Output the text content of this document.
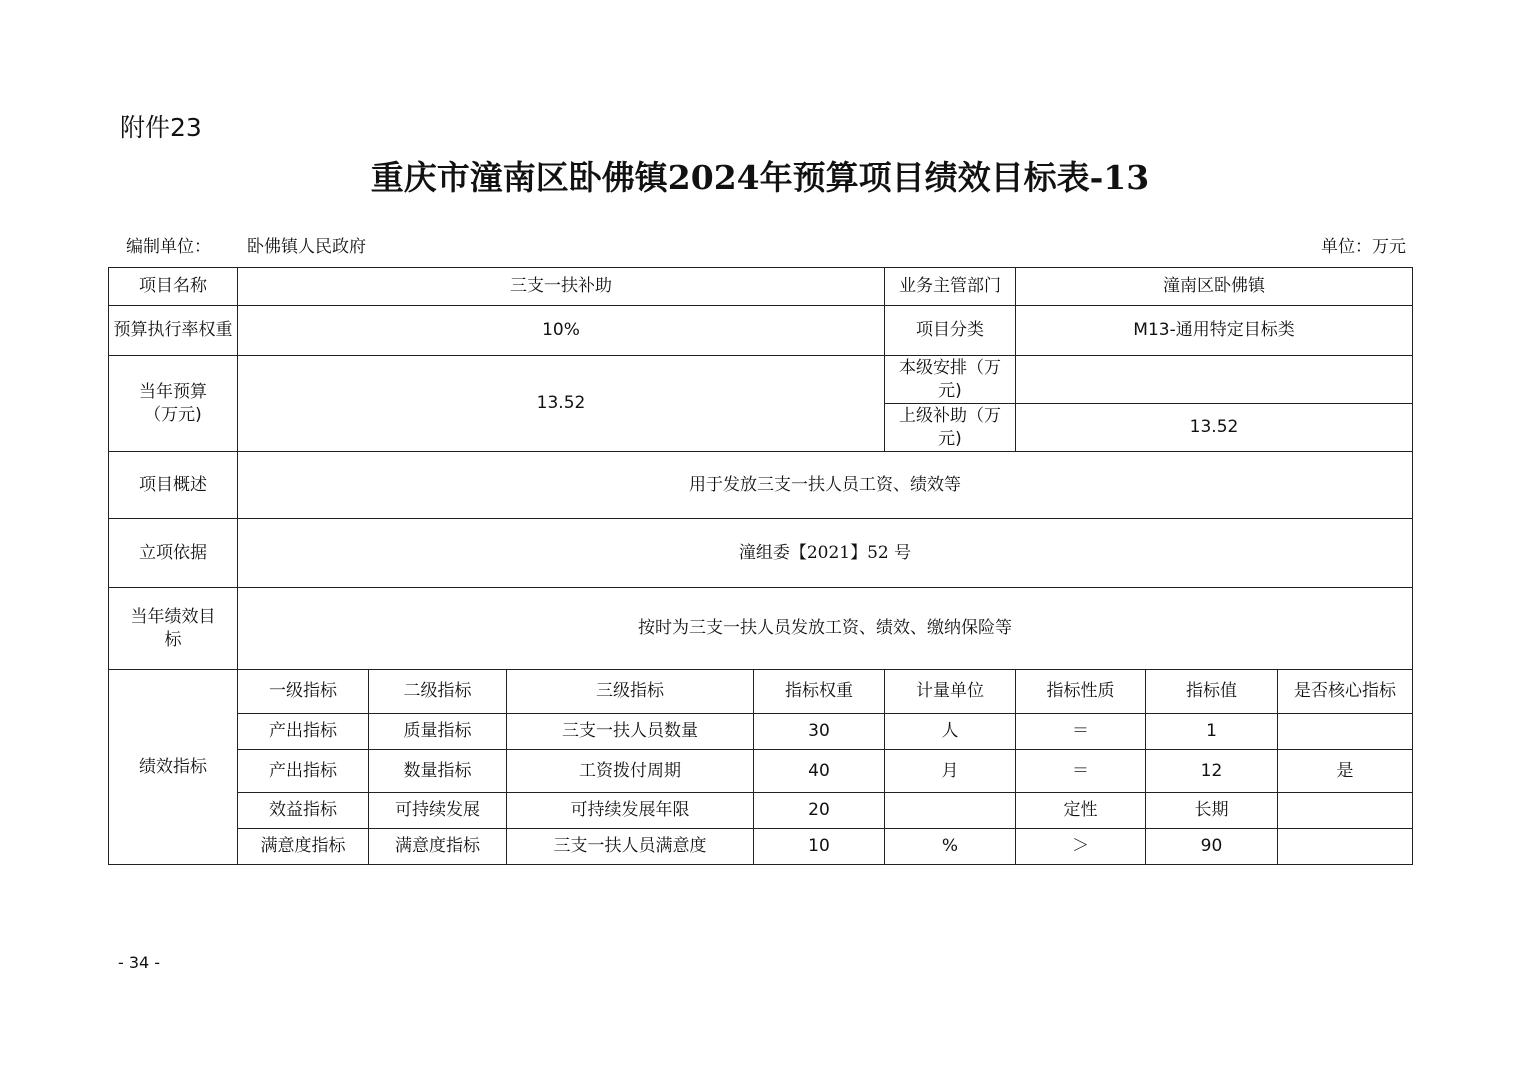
附件23
重庆市潼南区卧佛镇2024年预算项目绩效目标表-13
编制单位： 卧佛镇人民政府	单位：万元
项目名称	三支一扶补助				业务主管部门	潼南区卧佛镇		
预算执行率权重	10%				项目分类	M13-通用特定目标类		
当年预算（万元)	13.52				本级安排（万元)			
					上级补助（万元)	13.52		
项目概述	用于发放三支一扶人员工资、绩效等							
立项依据	潼组委【2021】52 号							
当年绩效目标	按时为三支一扶人员发放工资、绩效、缴纳保险等							
绩效指标	一级指标	二级指标	三级指标	指标权重	计量单位	指标性质	指标值	是否核心指标
	产出指标	质量指标	三支一扶人员数量	30	人	＝	1	
	产出指标	数量指标	工资拨付周期	40	月	＝	12	是
	效益指标	可持续发展	可持续发展年限	20		定性	长期	
	满意度指标	满意度指标	三支一扶人员满意度	10	%	＞	90	
- 34 -
